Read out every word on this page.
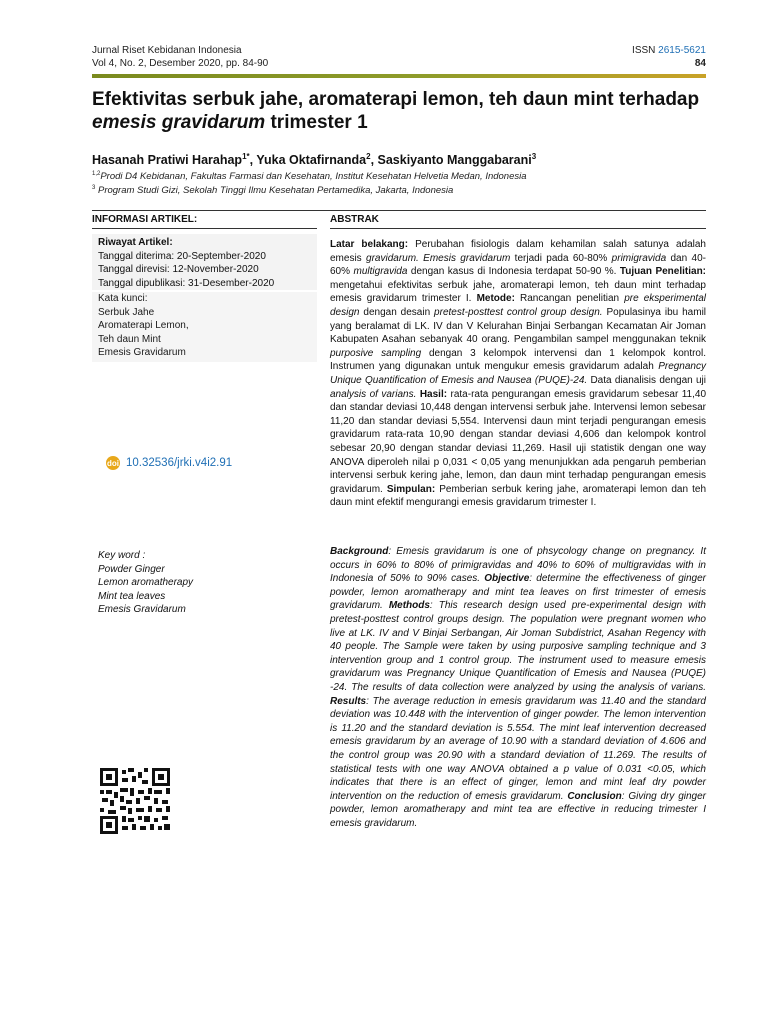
Jurnal Riset Kebidanan Indonesia
Vol 4, No. 2, Desember 2020, pp. 84-90
ISSN 2615-5621
84
Efektivitas serbuk jahe, aromaterapi lemon, teh daun mint terhadap
emesis gravidarum trimester 1
Hasanah Pratiwi Harahap$^{1*}$, Yuka Oktafirnanda$^2$, Saskiyanto Manggabarani$^3$
$^{1,2}$Prodi D4 Kebidanan, Fakultas Farmasi dan Kesehatan, Institut Kesehatan Helvetia Medan, Indonesia
$^3$ Program Studi Gizi, Sekolah Tinggi Ilmu Kesehatan Pertamedika, Jakarta, Indonesia
INFORMASI ARTIKEL:	ABSTRAK
Riwayat Artikel:
Tanggal diterima: 20-September-2020
Tanggal direvisi: 12-November-2020
Tanggal dipublikasi: 31-Desember-2020
Kata kunci:
Serbuk Jahe
Aromaterapi Lemon,
Teh daun Mint
Emesis Gravidarum
doi 10.32536/jrki.v4i2.91
Key word :
Powder Ginger
Lemon aromatherapy
Mint tea leaves
Emesis Gravidarum
Latar belakang: Perubahan fisiologis dalam kehamilan salah satunya adalah emesis gravidarum. Emesis gravidarum terjadi pada 60-80% primigravida dan 40-60% multigravida dengan kasus di Indonesia terdapat 50-90 %. Tujuan Penelitian: mengetahui efektivitas serbuk jahe, aromaterapi lemon, teh daun mint terhadap emesis gravidarum trimester I. Metode: Rancangan penelitian pre eksperimental design dengan desain pretest-posttest control group design. Populasinya ibu hamil yang beralamat di LK. IV dan V Kelurahan Binjai Serbangan Kecamatan Air Joman Kabupaten Asahan sebanyak 40 orang. Pengambilan sampel menggunakan teknik purposive sampling dengan 3 kelompok intervensi dan 1 kelompok kontrol. Instrumen yang digunakan untuk mengukur emesis gravidarum adalah Pregnancy Unique Quantification of Emesis and Nausea (PUQE)-24. Data dianalisis dengan uji analysis of varians. Hasil: rata-rata pengurangan emesis gravidarum sebesar 11,40 dan standar deviasi 10,448 dengan intervensi serbuk jahe. Intervensi lemon sebesar 11,20 dan standar deviasi 5,554. Intervensi daun mint terjadi pengurangan emesis gravidarum rata-rata 10,90 dengan standar deviasi 4,606 dan kelompok kontrol sebesar 20,90 dengan standar deviasi 11,269. Hasil uji statistik dengan one way ANOVA diperoleh nilai p 0,031 < 0,05 yang menunjukkan ada pengaruh pemberian intervensi serbuk kering jahe, lemon, dan daun mint terhadap pengurangan emesis gravidarum. Simpulan: Pemberian serbuk kering jahe, aromaterapi lemon dan teh daun mint efektif mengurangi emesis gravidarum trimester I.
Background: Emesis gravidarum is one of phsycology change on pregnancy. It occurs in 60% to 80% of primigravidas and 40% to 60% of multigravidas with in Indonesia of 50% to 90% cases. Objective: determine the effectiveness of ginger powder, lemon aromatherapy and mint tea leaves on first trimester of emesis gravidarum. Methods: This research design used pre-experimental design with pretest-posttest control groups design. The population were pregnant women who live at LK. IV and V Binjai Serbangan, Air Joman Subdistrict, Asahan Regency with 40 people. The Sample were taken by using purposive sampling technique and 3 intervention group and 1 control group. The instrument used to measure emesis gravidarum was Pregnancy Unique Quantification of Emesis and Nausea (PUQE) -24. The results of data collection were analyzed by using the analysis of varians. Results: The average reduction in emesis gravidarum was 11.40 and the standard deviation was 10.448 with the intervention of ginger powder. The lemon intervention is 11.20 and the standard deviation is 5.554. The mint leaf intervention decreased emesis gravidarum by an average of 10.90 with a standard deviation of 4.606 and the control group was 20.90 with a standard deviation of 11.269. The results of statistical tests with one way ANOVA obtained a p value of 0.031 <0.05, which indicates that there is an effect of ginger, lemon and mint leaf dry powder intervention on the reduction of emesis gravidarum. Conclusion: Giving dry ginger powder, lemon aromatherapy and mint tea are effective in reducing trimester I emesis gravidarum.
